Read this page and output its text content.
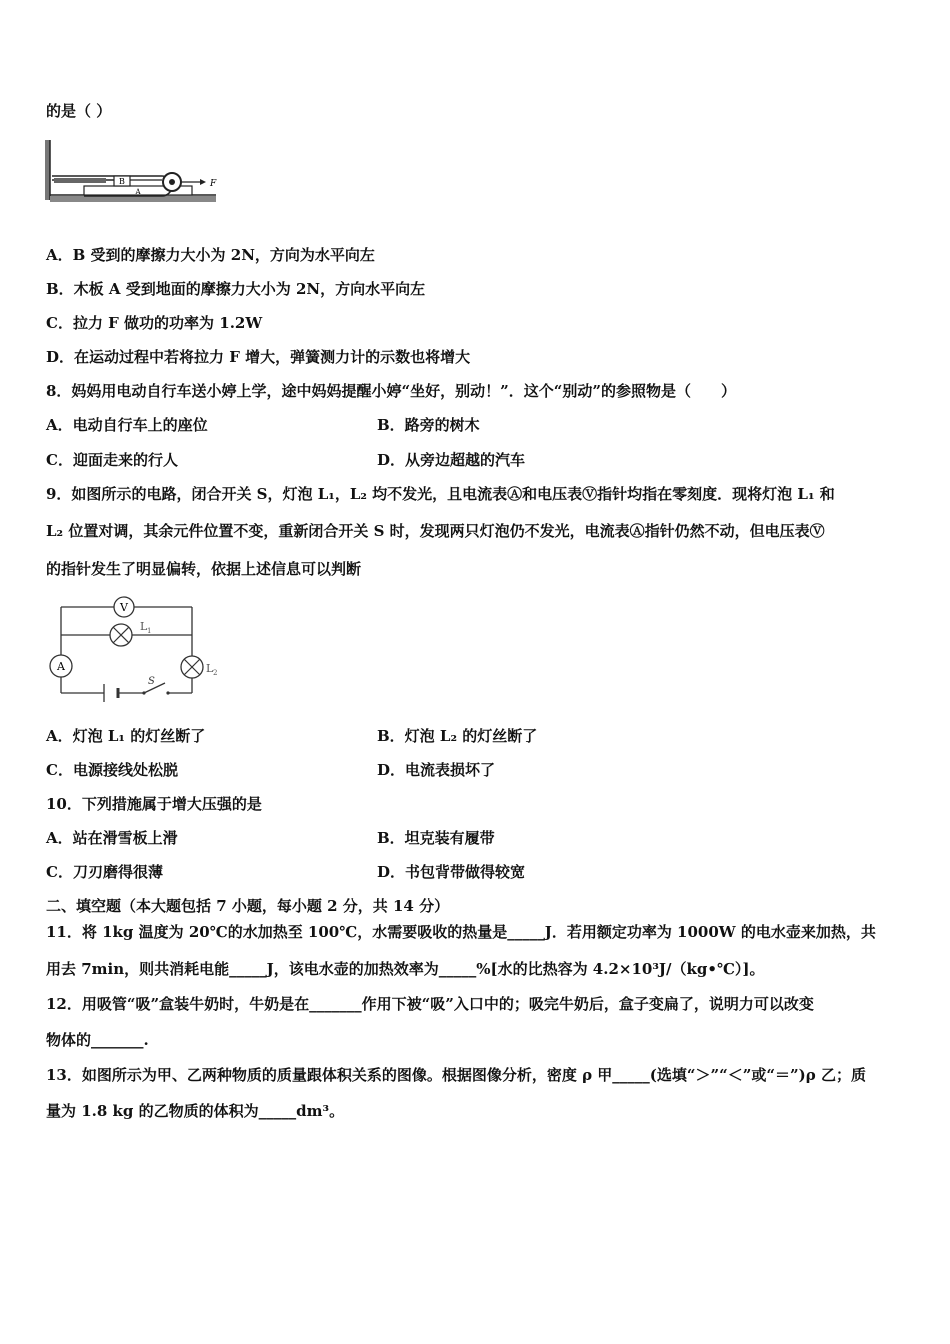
的是（ ）
A
B	F
A．B 受到的摩擦力大小为 2N，方向为水平向左
B．木板 A 受到地面的摩擦力大小为 2N，方向水平向左
C．拉力 F 做功的功率为 1.2W
D．在运动过程中若将拉力 F 增大，弹簧测力计的示数也将增大
8．妈妈用电动自行车送小婷上学，途中妈妈提醒小婷“坐好，别动！”．这个“别动”的参照物是（　　）
A．电动自行车上的座位	B．路旁的树木
C．迎面走来的行人	D．从旁边超越的汽车
9．如图所示的电路，闭合开关 S，灯泡 L₁，L₂ 均不发光，且电流表Ⓐ和电压表Ⓥ指针均指在零刻度．现将灯泡 L₁ 和
L₂ 位置对调，其余元件位置不变，重新闭合开关 S 时，发现两只灯泡仍不发光，电流表Ⓐ指针仍然不动，但电压表Ⓥ
的指针发生了明显偏转，依据上述信息可以判断
V
L 1
A	L 2
S
A．灯泡 L₁ 的灯丝断了	B．灯泡 L₂ 的灯丝断了
C．电源接线处松脱	D．电流表损坏了
10．下列措施属于增大压强的是
A．站在滑雪板上滑	B．坦克装有履带
C．刀刃磨得很薄	D．书包背带做得较宽
二、填空题（本大题包括 7 小题，每小题 2 分，共 14 分）
11．将 1kg 温度为 20℃的水加热至 100℃，水需要吸收的热量是_____J．若用额定功率为 1000W 的电水壶来加热，共
用去 7min，则共消耗电能_____J，该电水壶的加热效率为_____%[水的比热容为 4.2×10³J/（kg•℃）]。
12．用吸管“吸”盒装牛奶时，牛奶是在_______作用下被“吸”入口中的；吸完牛奶后，盒子变扁了，说明力可以改变
物体的_______.
13．如图所示为甲、乙两种物质的质量跟体积关系的图像。根据图像分析，密度 ρ 甲_____(选填“＞”“＜”或“＝”)ρ 乙；质
量为 1.8 kg 的乙物质的体积为_____dm³。
